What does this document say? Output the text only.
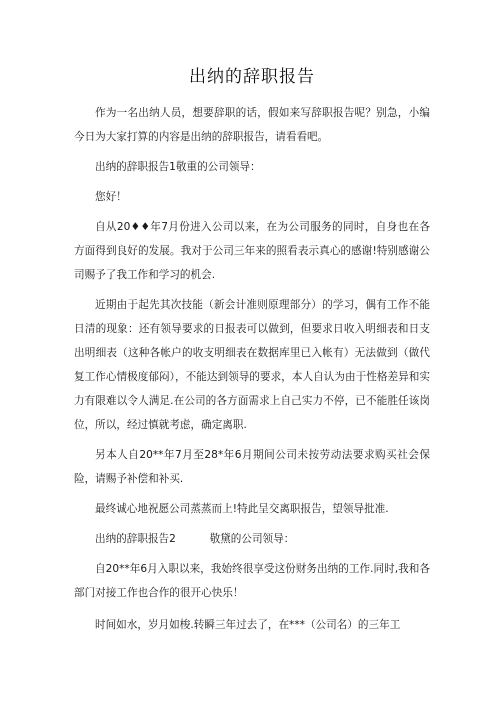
出纳的辞职报告

作为一名出纳人员，想要辞职的话，假如来写辞职报告呢？别急，小编今日为大家打算的内容是出纳的辞职报告，请看看吧。

出纳的辞职报告1敬重的公司领导：

您好！

自从20♦♦年7月份进入公司以来，在为公司服务的同时，自身也在各方面得到良好的发展。我对于公司三年来的照看表示真心的感谢!特别感谢公司赐予了我工作和学习的机会.

近期由于起先其次技能（新会计准则原理部分）的学习，偶有工作不能日清的现象：还有领导要求的日报表可以做到，但要求日收入明细表和日支出明细表（这种各帐户的收支明细表在数据库里已入帐有）无法做到（做代复工作心情极度郁闷），不能达到领导的要求，本人自认为由于性格差异和实力有限难以令人满足.在公司的各方面需求上自己实力不停，已不能胜任该岗位，所以，经过慎就考虑，确定离职.

另本人自20**年7月至28*年6月期间公司未按劳动法要求购买社会保险，请赐予补偿和补买.

最终诚心地祝愿公司蒸蒸而上!特此呈交离职报告，望领导批准.

出纳的辞职报告2          敬黛的公司领导：

自20**年6月入职以来，我始终很享受这份财务出纳的工作.同时,我和各部门对接工作也合作的很开心快乐！

时间如水，岁月如梭.转瞬三年过去了，在***（公司名）的三年工
